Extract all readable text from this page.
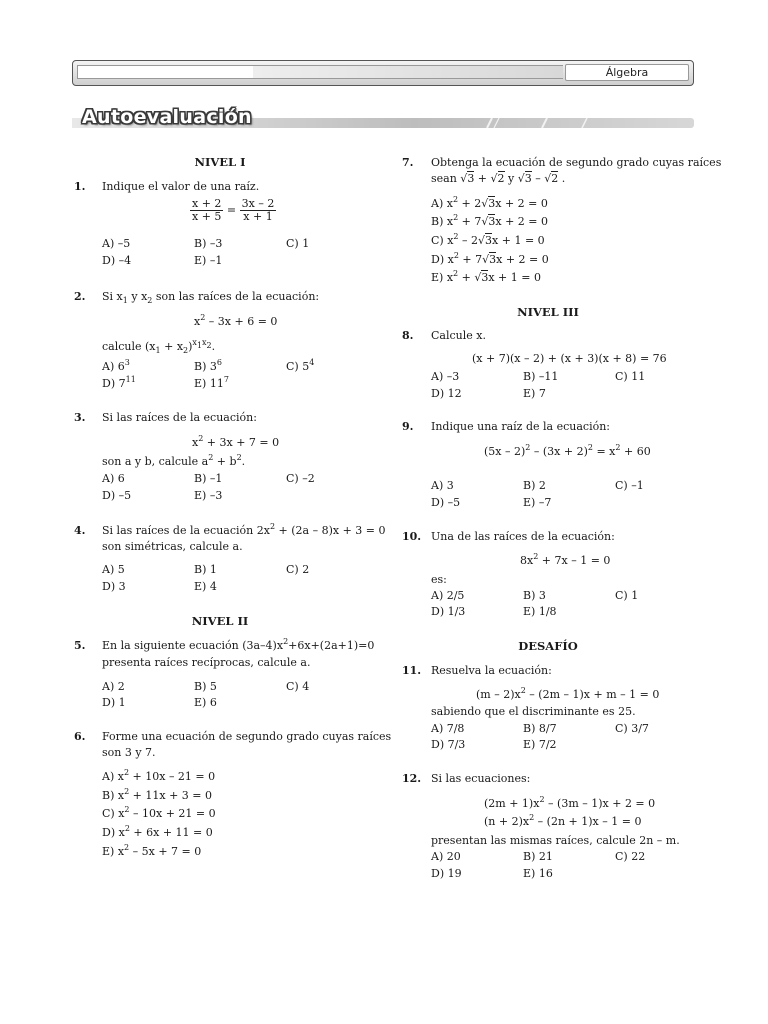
Álgebra
Autoevaluación
NIVEL I
1. Indique el valor de una raíz.
$\frac{x + 2}{x + 5} = \frac{3x - 2}{x + 1}$
A) –5	B) –3	C) 1
D) –4	E) –1
2. Si $x_1$ y $x_2$ son las raíces de la ecuación:
$x^2 - 3x + 6 = 0$
calcule $(x_1 + x_2)^{x_1x_2}$.
A) $6^3$	B) $3^6$	C) $5^4$
D) $7^{11}$	E) $11^7$
3. Si las raíces de la ecuación:
$x^2 + 3x + 7 = 0$
son a y b, calcule $a^2 + b^2$.
A) 6	B) –1	C) –2
D) –5	E) –3
4. Si las raíces de la ecuación $2x^2 + (2a - 8)x + 3 = 0$
son simétricas, calcule a.
A) 5	B) 1	C) 2
D) 3	E) 4
NIVEL II
5. En la siguiente ecuación $(3a-4)x^2+6x+(2a+1)=0$
presenta raíces recíprocas, calcule a.
A) 2	B) 5	C) 4
D) 1	E) 6
6. Forme una ecuación de segundo grado cuyas raíces
son 3 y 7.
A) $x^2 + 10x - 21 = 0$
B) $x^2 + 11x + 3 = 0$
C) $x^2 - 10x + 21 = 0$
D) $x^2 + 6x + 11 = 0$
E) $x^2 - 5x + 7 = 0$
7. Obtenga la ecuación de segundo grado cuyas raíces
sean √3 + √2 y √3 – √2 .
A) $x^2 + 2√3x + 2 = 0$
B) $x^2 + 7√3x + 2 = 0$
C) $x^2 - 2√3x + 1 = 0$
D) $x^2 + 7√3x + 2 = 0$
E) $x^2 + √3x + 1 = 0$
NIVEL III
8. Calcule x.
(x + 7)(x – 2) + (x + 3)(x + 8) = 76
A) –3	B) –11	C) 11
D) 12	E) 7
9. Indique una raíz de la ecuación:
$(5x - 2)^2 - (3x + 2)^2 = x^2 + 60$
A) 3	B) 2	C) –1
D) –5	E) –7
10. Una de las raíces de la ecuación:
$8x^2 + 7x - 1 = 0$
es:
A) 2/5	B) 3	C) 1
D) 1/3	E) 1/8
DESAFÍO
11. Resuelva la ecuación:
$(m - 2)x^2 - (2m - 1)x + m - 1 = 0$
sabiendo que el discriminante es 25.
A) 7/8	B) 8/7	C) 3/7
D) 7/3	E) 7/2
12. Si las ecuaciones:
$(2m + 1)x^2 - (3m - 1)x + 2 = 0$
$(n + 2)x^2 - (2n + 1)x - 1 = 0$
presentan las mismas raíces, calcule 2n – m.
A) 20	B) 21	C) 22
D) 19	E) 16
